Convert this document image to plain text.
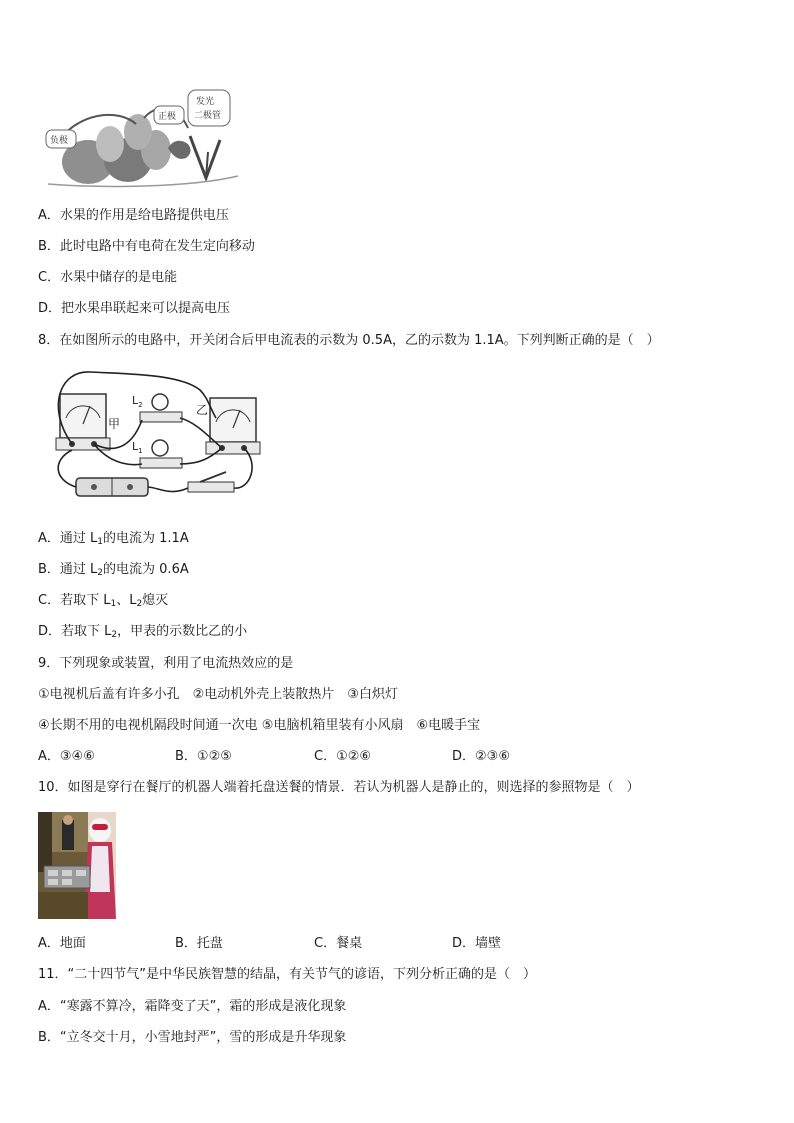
负极
正极
发光
二极管
A．水果的作用是给电路提供电压
B．此时电路中有电荷在发生定向移动
C．水果中储存的是电能
D．把水果串联起来可以提高电压
8．在如图所示的电路中，开关闭合后甲电流表的示数为 0.5A，乙的示数为 1.1A。下列判断正确的是（　）
甲
乙
$L_2$
$L_1$
A．通过 $L_1$的电流为 1.1A
B．通过 $L_2$的电流为 0.6A
C．若取下 $L_1$、$L_2$熄灭
D．若取下 $L_2$，甲表的示数比乙的小
9．下列现象或装置，利用了电流热效应的是
①电视机后盖有许多小孔　②电动机外壳上装散热片　③白炽灯
④长期不用的电视机隔段时间通一次电 ⑤电脑机箱里装有小风扇　⑥电暖手宝
A．③④⑥	B．①②⑤	C．①②⑥	D．②③⑥
10．如图是穿行在餐厅的机器人端着托盘送餐的情景．若认为机器人是静止的，则选择的参照物是（　）
A．地面	B．托盘	C．餐桌	D．墙壁
11．“二十四节气”是中华民族智慧的结晶，有关节气的谚语，下列分析正确的是（　）
A．“寒露不算冷，霜降变了天”，霜的形成是液化现象
B．“立冬交十月，小雪地封严”，雪的形成是升华现象
